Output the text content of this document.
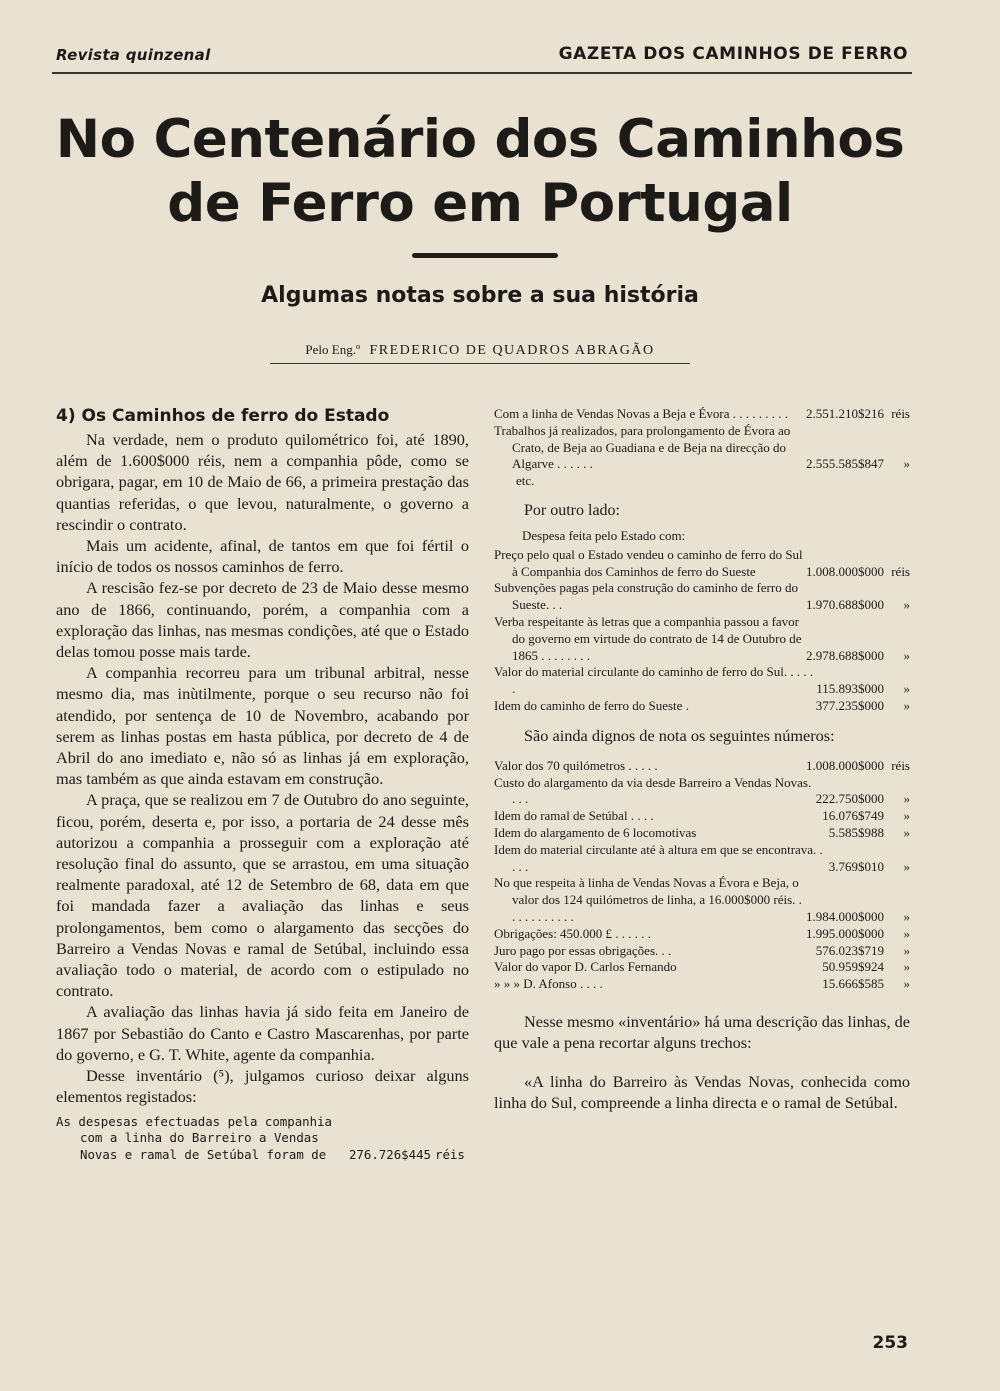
Revista quinzenal	GAZETA DOS CAMINHOS DE FERRO
No Centenário dos Caminhos
de Ferro em Portugal
Algumas notas sobre a sua história
Pelo Eng.º FREDERICO DE QUADROS ABRAGÃO
4) Os Caminhos de ferro do Estado

Na verdade, nem o produto quilométrico foi, até 1890, além de 1.600$000 réis, nem a companhia pôde, como se obrigara, pagar, em 10 de Maio de 66, a primeira prestação das quantias referidas, o que levou, naturalmente, o governo a rescindir o contrato.

Mais um acidente, afinal, de tantos em que foi fértil o início de todos os nossos caminhos de ferro.

A rescisão fez-se por decreto de 23 de Maio desse mesmo ano de 1866, continuando, porém, a companhia com a exploração das linhas, nas mesmas condições, até que o Estado delas tomou posse mais tarde.

A companhia recorreu para um tribunal arbitral, nesse mesmo dia, mas inùtilmente, porque o seu recurso não foi atendido, por sentença de 10 de Novembro, acabando por serem as linhas postas em hasta pública, por decreto de 4 de Abril do ano imediato e, não só as linhas já em exploração, mas também as que ainda estavam em construção.

A praça, que se realizou em 7 de Outubro do ano seguinte, ficou, porém, deserta e, por isso, a portaria de 24 desse mês autorizou a companhia a prosseguir com a exploração até resolução final do assunto, que se arrastou, em uma situação realmente paradoxal, até 12 de Setembro de 68, data em que foi mandada fazer a avaliação das linhas e seus prolongamentos, bem como o alargamento das secções do Barreiro a Vendas Novas e ramal de Setúbal, incluindo essa avaliação todo o material, de acordo com o estipulado no contrato.

A avaliação das linhas havia já sido feita em Janeiro de 1867 por Sebastião do Canto e Castro Mascarenhas, por parte do governo, e G. T. White, agente da companhia.

Desse inventário (⁵), julgamos curioso deixar alguns elementos registados:

As despesas efectuadas pela companhia com a linha do Barreiro a Vendas Novas e ramal de Setúbal foram de	276.726$445 réis
Com a linha de Vendas Novas a Beja e Évora . . . . . . . . .	2.551.210$216 réis
Trabalhos já realizados, para prolongamento de Évora ao Crato, de Beja ao Guadiana e de Beja na direcção do Algarve . . . . . .	2.555.585$847	»
etc.
Por outro lado:
Despesa feita pelo Estado com:
Preço pelo qual o Estado vendeu o caminho de ferro do Sul à Companhia dos Caminhos de ferro do Sueste	1.008.000$000 réis
Subvenções pagas pela construção do caminho de ferro do Sueste. . .	1.970.688$000	»
Verba respeitante às letras que a companhia passou a favor do governo em virtude do contrato de 14 de Outubro de 1865 . . . . . . . .	2.978.688$000	»
Valor do material circulante do caminho de ferro do Sul. . . . . .	115.893$000	»
Idem do caminho de ferro do Sueste .	377.235$000	»

São ainda dignos de nota os seguintes números:

Valor dos 70 quilómetros . . . . .	1.008.000$000 réis
Custo do alargamento da via desde Barreiro a Vendas Novas. . . .	222.750$000	»
Idem do ramal de Setúbal . . . .	16.076$749	»
Idem do alargamento de 6 locomotivas	5.585$988	»
Idem do material circulante até à altura em que se encontrava. . . . .	3.769$010	»
No que respeita à linha de Vendas Novas a Évora e Beja, o valor dos 124 quilómetros de linha, a 16.000$000 réis. . . . . . . . . . . .	1.984.000$000	»
Obrigações: 450.000 £ . . . . . .	1.995.000$000	»
Juro pago por essas obrigações. . .	576.023$719	»
Valor do vapor D. Carlos Fernando	50.959$924	»
» » » D. Afonso . . . .	15.666$585	»

Nesse mesmo «inventário» há uma descrição das linhas, de que vale a pena recortar alguns trechos:

«A linha do Barreiro às Vendas Novas, conhecida como linha do Sul, compreende a linha directa e o ramal de Setúbal.

253
